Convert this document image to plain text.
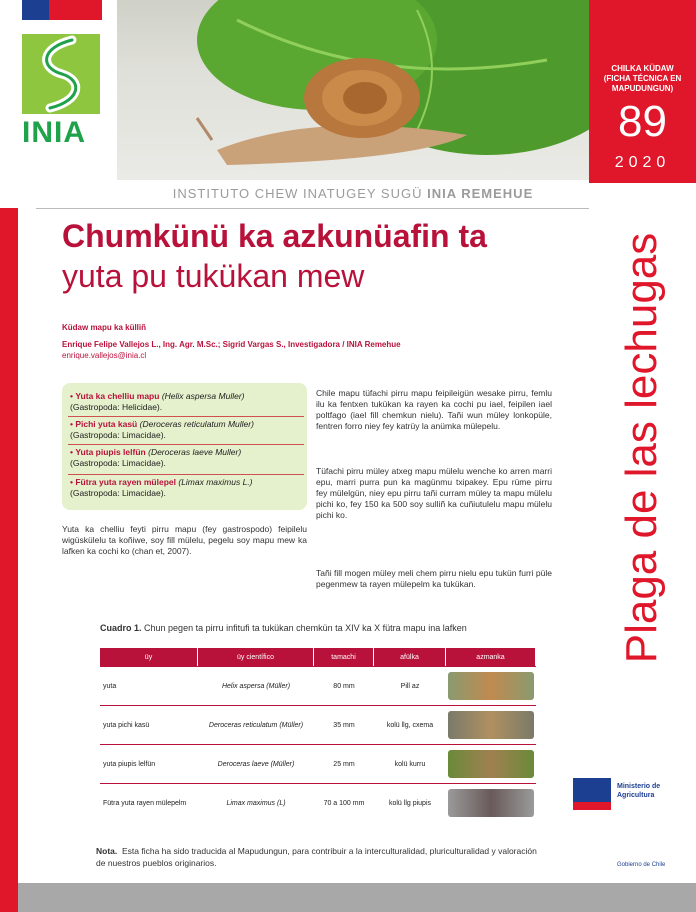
INIA
CHILKA KÜDAW
(FICHA TÉCNICA EN
MAPUDUNGUN)
89
2020
INSTITUTO CHEW INATUGEY SUGÜ INIA REMEHUE
Plaga de las lechugas
Chumkünü ka azkunüafin ta
yuta pu tukükan mew
Küdaw mapu ka külliñ
Enrique Felipe Vallejos L., Ing. Agr. M.Sc.; Sigrid Vargas S., Investigadora / INIA Remehue
enrique.vallejos@inia.cl
• Yuta ka chelliu mapu (Helix aspersa Muller)
(Gastropoda: Helicidae).
• Pichi yuta kasü (Deroceras reticulatum Muller)
(Gastropoda: Limacidae).
• Yuta piupis lelfün (Deroceras laeve Muller)
(Gastropoda: Limacidae).
• Fütra yuta rayen mülepel (Limax maximus L.)
(Gastropoda: Limacidae).
Yuta ka chelliu feyti pirru mapu (fey gastrospodo) feipilelu wigüskülelu ta koñiwe, soy fill mülelu, pegelu soy mapu mew ka lafken ka cochi ko (chan et, 2007).
Chile mapu tüfachi pirru mapu feipileigün wesake pirru, femlu ilu ka fentxen tukükan ka rayen ka cochi pu iael, feipilen iael poltfago (iael fill chemkun nielu). Tañi wun müley lonkopüle, fentren forro niey fey katrüy la anümka mülepelu.
Tüfachi pirru müley atxeg mapu mülelu wenche ko arren marri epu, marri purra pun ka magünmu txipakey. Epu rüme pirru fey mülelgün, niey epu pirru tañi curram müley ta mapu mülelu pichi ko, fey 150 ka 500 soy sulliñ ka cuñiutulelu mapu mülelu pichi ko.
Tañi fill mogen müley meli chem pirru nielu epu tukün furri püle pegenmew ta rayen mülepelm ka tukükan.
Cuadro 1. Chun pegen ta pirru infitufi ta tukükan chemkün ta XIV ka X fütra mapu ina lafken
üy	üy científico	tamachi	afülka	azmanka
yuta	Helix aspersa (Müller)	80 mm	Pill az	

yuta pichi kasü	Deroceras reticulatum (Müller)	35 mm	kolü llg, cxema	

yuta piupis lelfün	Deroceras laeve (Müller)	25 mm	kolü kurru	

Fütra yuta rayen mülepelm	Limax maximus (L)	70 a 100 mm	kolü llg piupis	
Nota. Esta ficha ha sido traducida al Mapudungun, para contribuir a la interculturalidad, pluriculturalidad y valoración de nuestros pueblos originarios.
Ministerio de
Agricultura
Gobierno de Chile
